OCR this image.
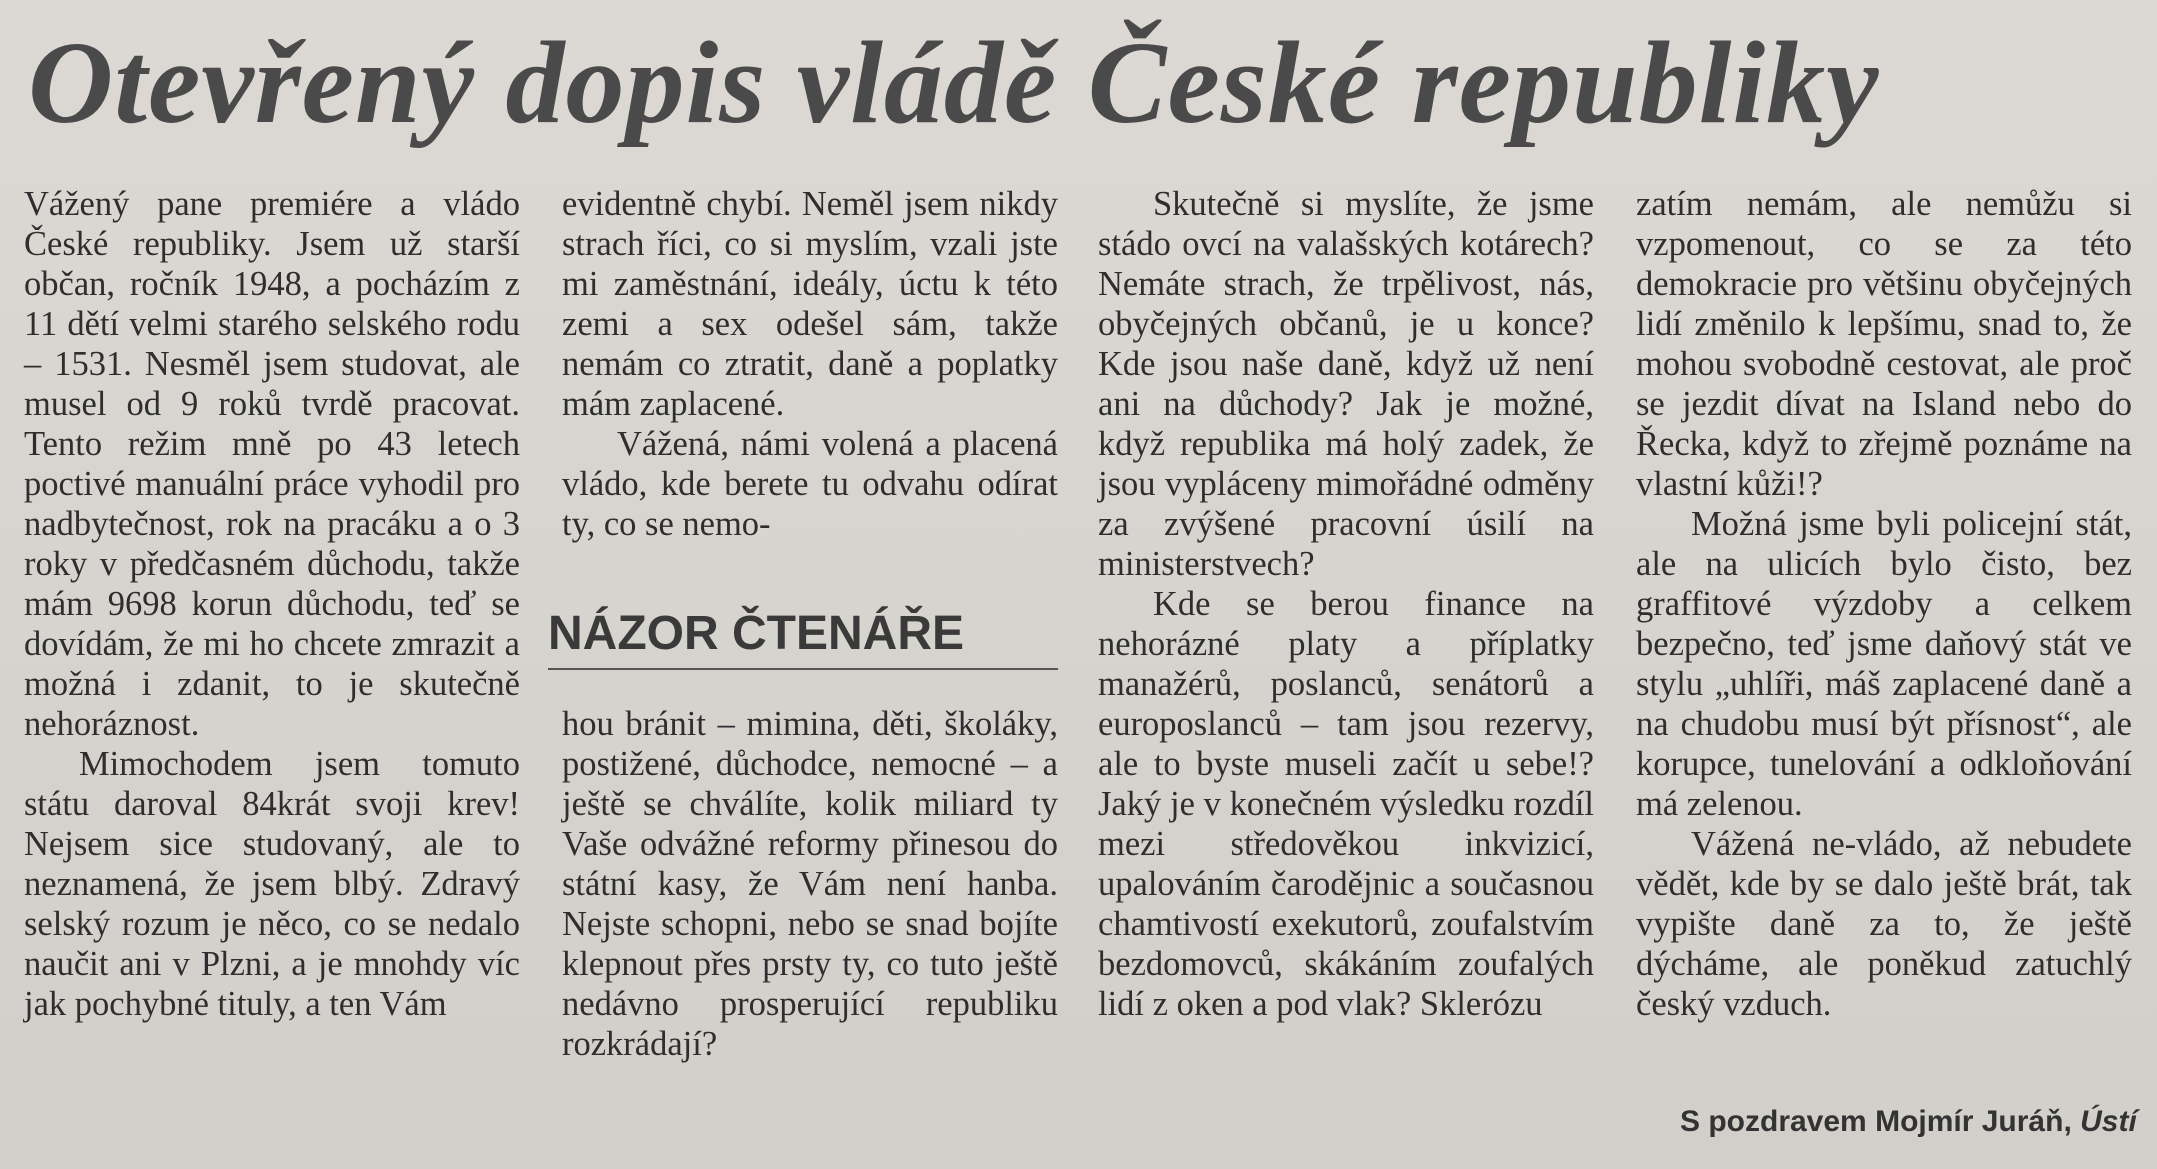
Otevřený dopis vládě České republiky

Vážený pane premiére a vládo České republiky. Jsem už starší občan, ročník 1948, a pocházím z 11 dětí velmi starého selského rodu – 1531. Nesměl jsem studovat, ale musel od 9 roků tvrdě pracovat. Tento režim mně po 43 letech poctivé manuální práce vyhodil pro nadbytečnost, rok na pracáku a o 3 roky v předčasném důchodu, takže mám 9698 korun důchodu, teď se dovídám, že mi ho chcete zmrazit a možná i zdanit, to je skutečně nehoráznost.

Mimochodem jsem tomuto státu daroval 84krát svoji krev! Nejsem sice studovaný, ale to neznamená, že jsem blbý. Zdravý selský rozum je něco, co se nedalo naučit ani v Plzni, a je mnohdy víc jak pochybné tituly, a ten Vám

evidentně chybí. Neměl jsem nikdy strach říci, co si myslím, vzali jste mi zaměstnání, ideály, úctu k této zemi a sex odešel sám, takže nemám co ztratit, daně a poplatky mám zaplacené.

Vážená, námi volená a placená vládo, kde berete tu odvahu odírat ty, co se nemo-

NÁZOR ČTENÁŘE

hou bránit – mimina, děti, školáky, postižené, důchodce, nemocné – a ještě se chválíte, kolik miliard ty Vaše odvážné reformy přinesou do státní kasy, že Vám není hanba. Nejste schopni, nebo se snad bojíte klepnout přes prsty ty, co tuto ještě nedávno prosperující republiku rozkrádají?

Skutečně si myslíte, že jsme stádo ovcí na valašských kotárech? Nemáte strach, že trpělivost, nás, obyčejných občanů, je u konce? Kde jsou naše daně, když už není ani na důchody? Jak je možné, když republika má holý zadek, že jsou vypláceny mimořádné odměny za zvýšené pracovní úsilí na ministerstvech?

Kde se berou finance na nehorázné platy a příplatky manažérů, poslanců, senátorů a europoslanců – tam jsou rezervy, ale to byste museli začít u sebe!? Jaký je v konečném výsledku rozdíl mezi středověkou inkvizicí, upalováním čarodějnic a současnou chamtivostí exekutorů, zoufalstvím bezdomovců, skákáním zoufalých lidí z oken a pod vlak? Sklerózu

zatím nemám, ale nemůžu si vzpomenout, co se za této demokracie pro většinu obyčejných lidí změnilo k lepšímu, snad to, že mohou svobodně cestovat, ale proč se jezdit dívat na Island nebo do Řecka, když to zřejmě poznáme na vlastní kůži!?

Možná jsme byli policejní stát, ale na ulicích bylo čisto, bez graffitové výzdoby a celkem bezpečno, teď jsme daňový stát ve stylu „uhlíři, máš zaplacené daně a na chudobu musí být přísnost“, ale korupce, tunelování a odkloňování má zelenou.

Vážená ne-vládo, až nebudete vědět, kde by se dalo ještě brát, tak vypište daně za to, že ještě dýcháme, ale poněkud zatuchlý český vzduch.

S pozdravem Mojmír Juráň, Ústí
